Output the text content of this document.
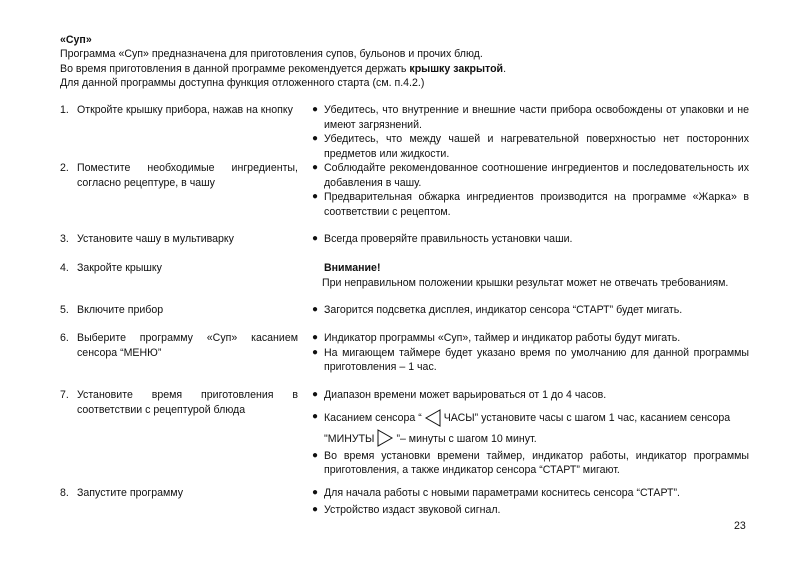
«Суп»
Программа «Суп» предназначена для приготовления супов, бульонов и прочих блюд.
Во время приготовления в данной программе рекомендуется держать крышку закрытой.
Для данной программы доступна функция отложенного старта (см. п.4.2.)
1. Откройте крышку прибора, нажав на кнопку
2. Поместите необходимые ингредиенты, согласно рецептуре, в чашу
3. Установите чашу в мультиварку
4. Закройте крышку
5. Включите прибор
6. Выберите программу «Суп» касанием сенсора “МЕНЮ”
7. Установите время приготовления в соответствии с рецептурой блюда
8. Запустите программу
● Убедитесь, что внутренние и внешние части прибора освобождены от упаковки и не имеют загрязнений.
● Убедитесь, что между чашей и нагревательной поверхностью нет посторонних предметов или жидкости.
● Соблюдайте рекомендованное соотношение ингредиентов и последовательность их добавления в чашу.
● Предварительная обжарка ингредиентов производится на программе «Жарка» в соответствии с рецептом.
● Всегда проверяйте правильность установки чаши.
Внимание!
При неправильном положении крышки результат может не отвечать требованиям.
● Загорится подсветка дисплея, индикатор сенсора “СТАРТ” будет мигать.
● Индикатор программы «Суп», таймер и индикатор работы будут мигать.
● На мигающем таймере будет указано время по умолчанию для данной программы приготовления – 1 час.
● Диапазон времени может варьироваться от 1 до 4 часов.
● Касанием сенсора “ ЧАСЫ” установите часы с шагом 1 час, касанием сенсора
"МИНУТЫ ”– минуты с шагом 10 минут.
● Во время установки времени таймер, индикатор работы, индикатор программы приготовления, а также индикатор сенсора “СТАРТ” мигают.
● Для начала работы с новыми параметрами коснитесь сенсора “СТАРТ”.
● Устройство издаст звуковой сигнал.
23
